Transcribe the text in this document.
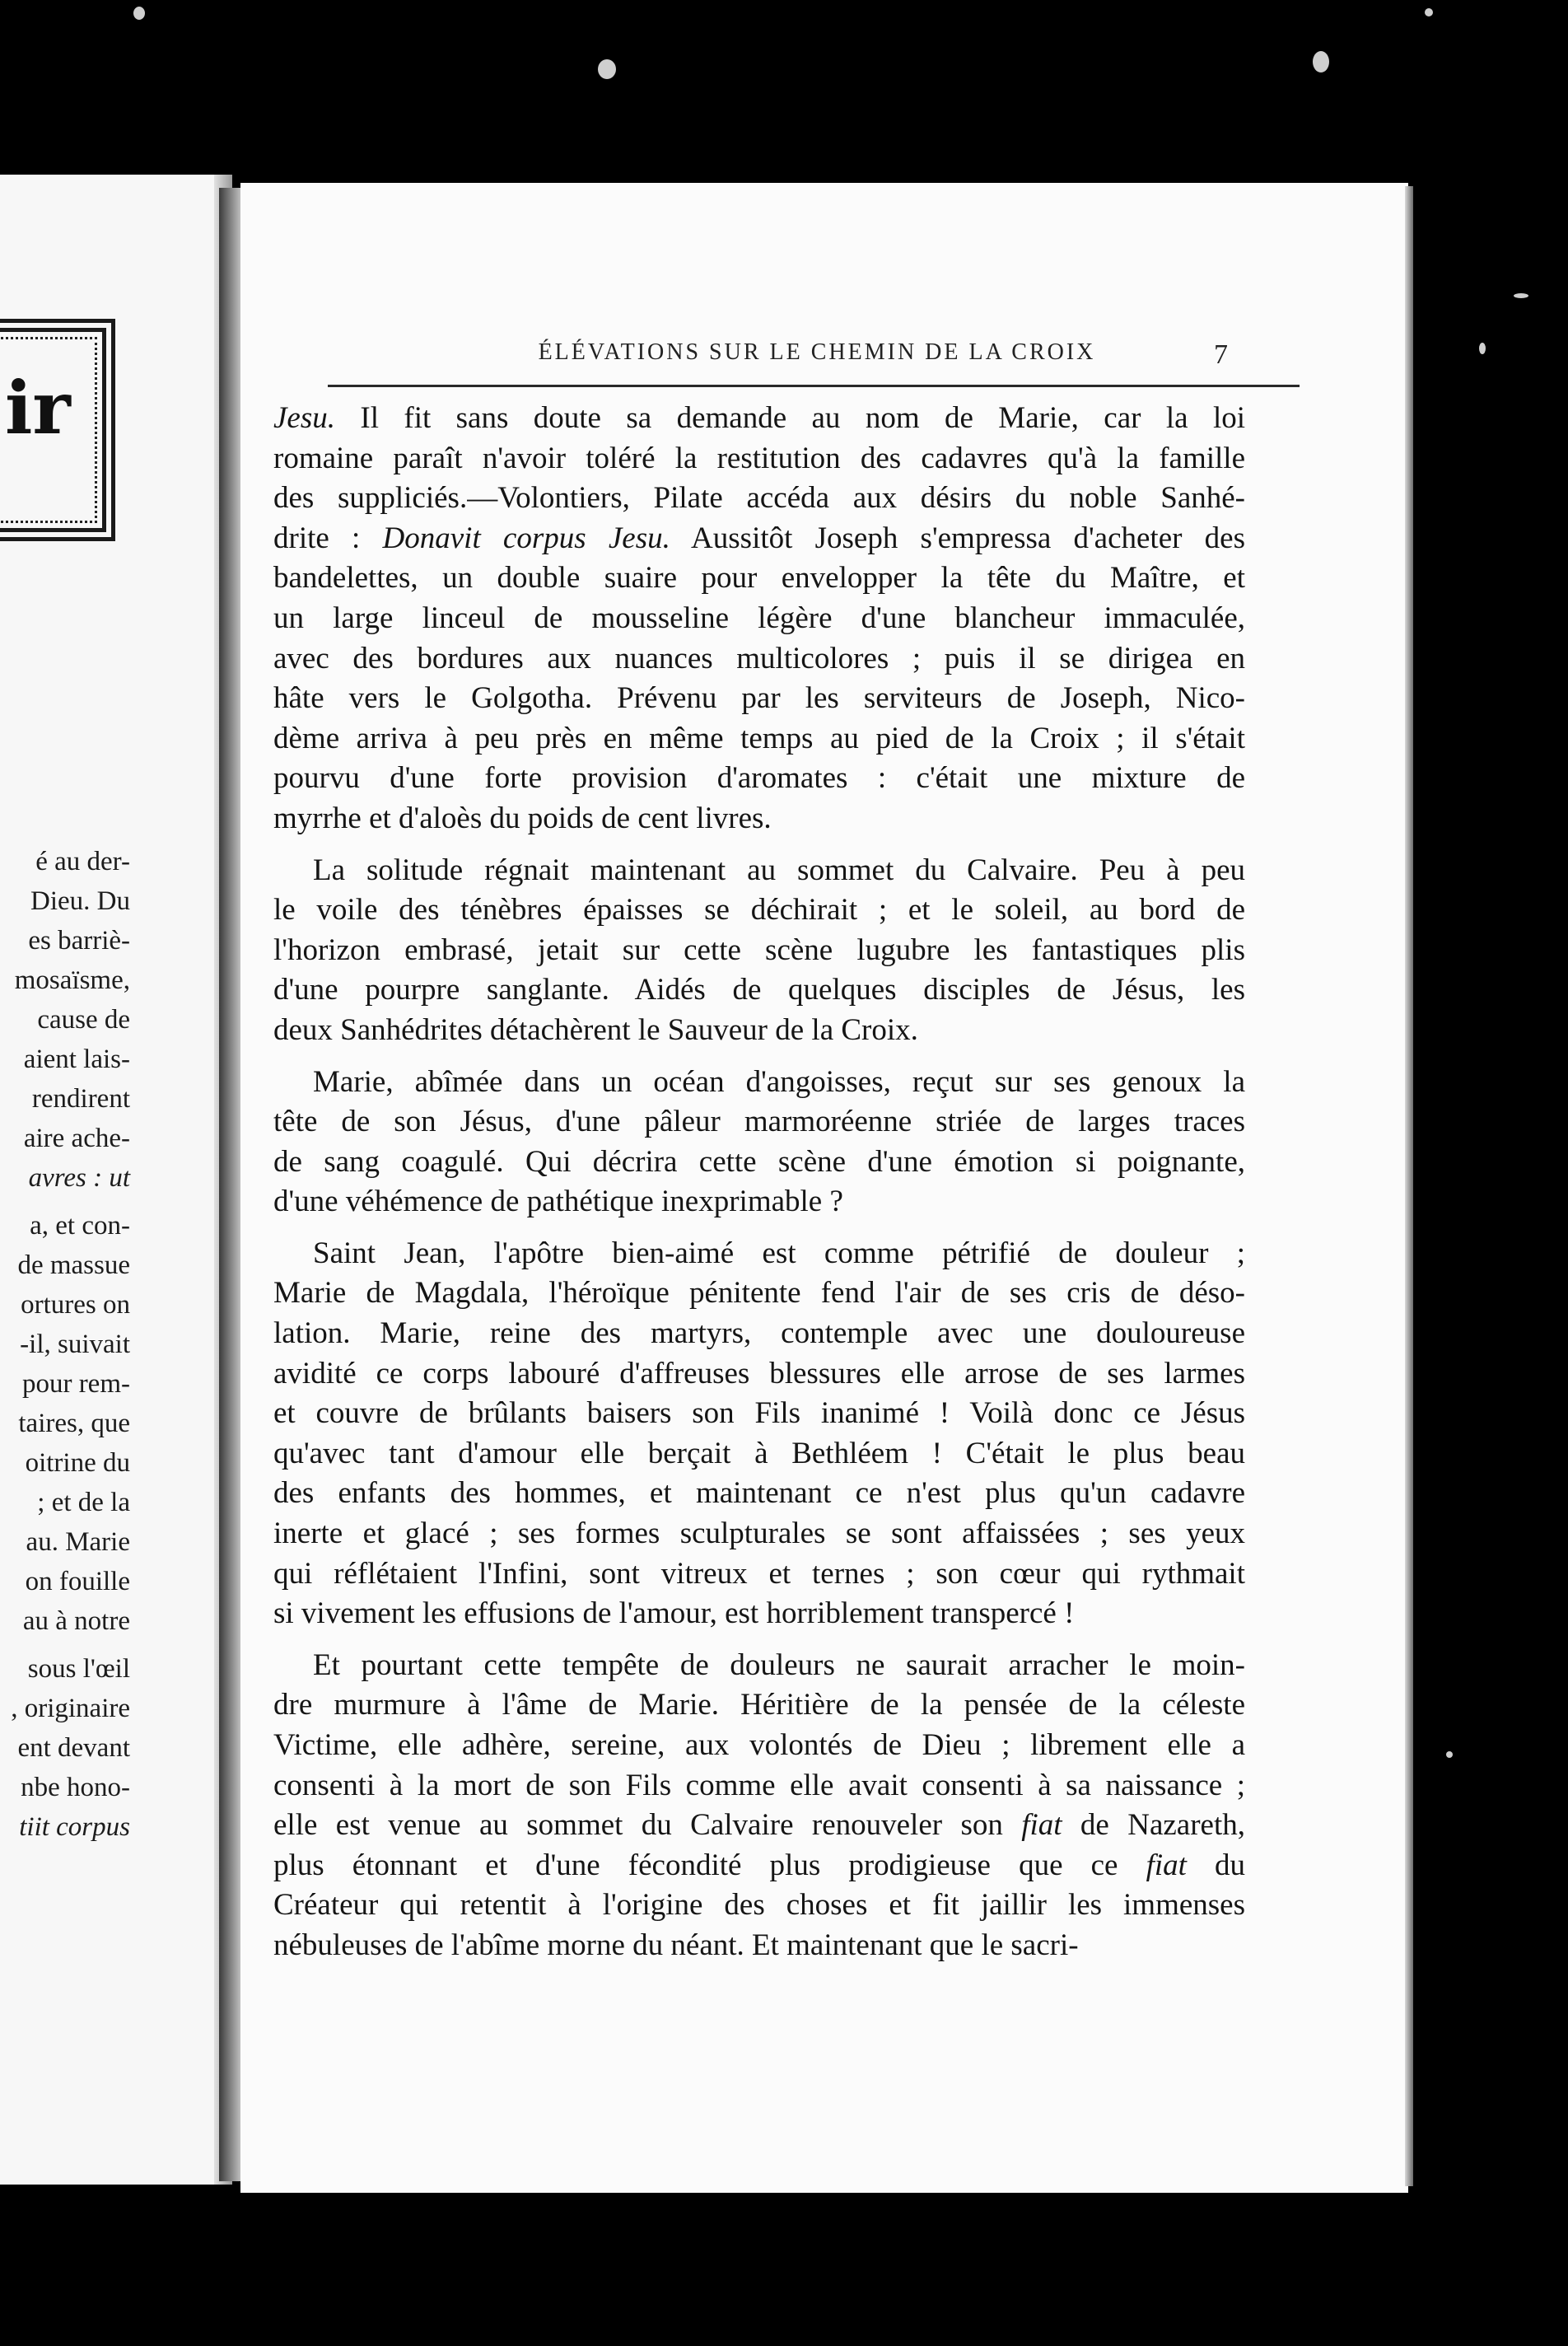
ir
é au der-
Dieu. Du
es barriè-
mosaïsme,
cause de
aient lais-
rendirent
aire ache-
avres : ut
a, et con-
de massue
ortures on
-il, suivait
pour rem-
taires, que
oitrine du
; et de la
au. Marie
on fouille
au à notre
sous l'œil
, originaire
ent devant
nbe hono-
tiit corpus
ÉLÉVATIONS SUR LE CHEMIN DE LA CROIX	7
Jesu. Il fit sans doute sa demande au nom de Marie, car la loi
romaine paraît n'avoir toléré la restitution des cadavres qu'à la famille
des suppliciés.—Volontiers, Pilate accéda aux désirs du noble Sanhé-
drite : Donavit corpus Jesu. Aussitôt Joseph s'empressa d'acheter des
bandelettes, un double suaire pour envelopper la tête du Maître, et
un large linceul de mousseline légère d'une blancheur immaculée,
avec des bordures aux nuances multicolores ; puis il se dirigea en
hâte vers le Golgotha. Prévenu par les serviteurs de Joseph, Nico-
dème arriva à peu près en même temps au pied de la Croix ; il s'était
pourvu d'une forte provision d'aromates : c'était une mixture de
myrrhe et d'aloès du poids de cent livres.
La solitude régnait maintenant au sommet du Calvaire. Peu à peu
le voile des ténèbres épaisses se déchirait ; et le soleil, au bord de
l'horizon embrasé, jetait sur cette scène lugubre les fantastiques plis
d'une pourpre sanglante. Aidés de quelques disciples de Jésus, les
deux Sanhédrites détachèrent le Sauveur de la Croix.
Marie, abîmée dans un océan d'angoisses, reçut sur ses genoux la
tête de son Jésus, d'une pâleur marmoréenne striée de larges traces
de sang coagulé. Qui décrira cette scène d'une émotion si poignante,
d'une véhémence de pathétique inexprimable ?
Saint Jean, l'apôtre bien-aimé est comme pétrifié de douleur ;
Marie de Magdala, l'héroïque pénitente fend l'air de ses cris de déso-
lation. Marie, reine des martyrs, contemple avec une douloureuse
avidité ce corps labouré d'affreuses blessures elle arrose de ses larmes
et couvre de brûlants baisers son Fils inanimé ! Voilà donc ce Jésus
qu'avec tant d'amour elle berçait à Bethléem ! C'était le plus beau
des enfants des hommes, et maintenant ce n'est plus qu'un cadavre
inerte et glacé ; ses formes sculpturales se sont affaissées ; ses yeux
qui réflétaient l'Infini, sont vitreux et ternes ; son cœur qui rythmait
si vivement les effusions de l'amour, est horriblement transpercé !
Et pourtant cette tempête de douleurs ne saurait arracher le moin-
dre murmure à l'âme de Marie. Héritière de la pensée de la céleste
Victime, elle adhère, sereine, aux volontés de Dieu ; librement elle a
consenti à la mort de son Fils comme elle avait consenti à sa naissance ;
elle est venue au sommet du Calvaire renouveler son fiat de Nazareth,
plus étonnant et d'une fécondité plus prodigieuse que ce fiat du
Créateur qui retentit à l'origine des choses et fit jaillir les immenses
nébuleuses de l'abîme morne du néant. Et maintenant que le sacri-
